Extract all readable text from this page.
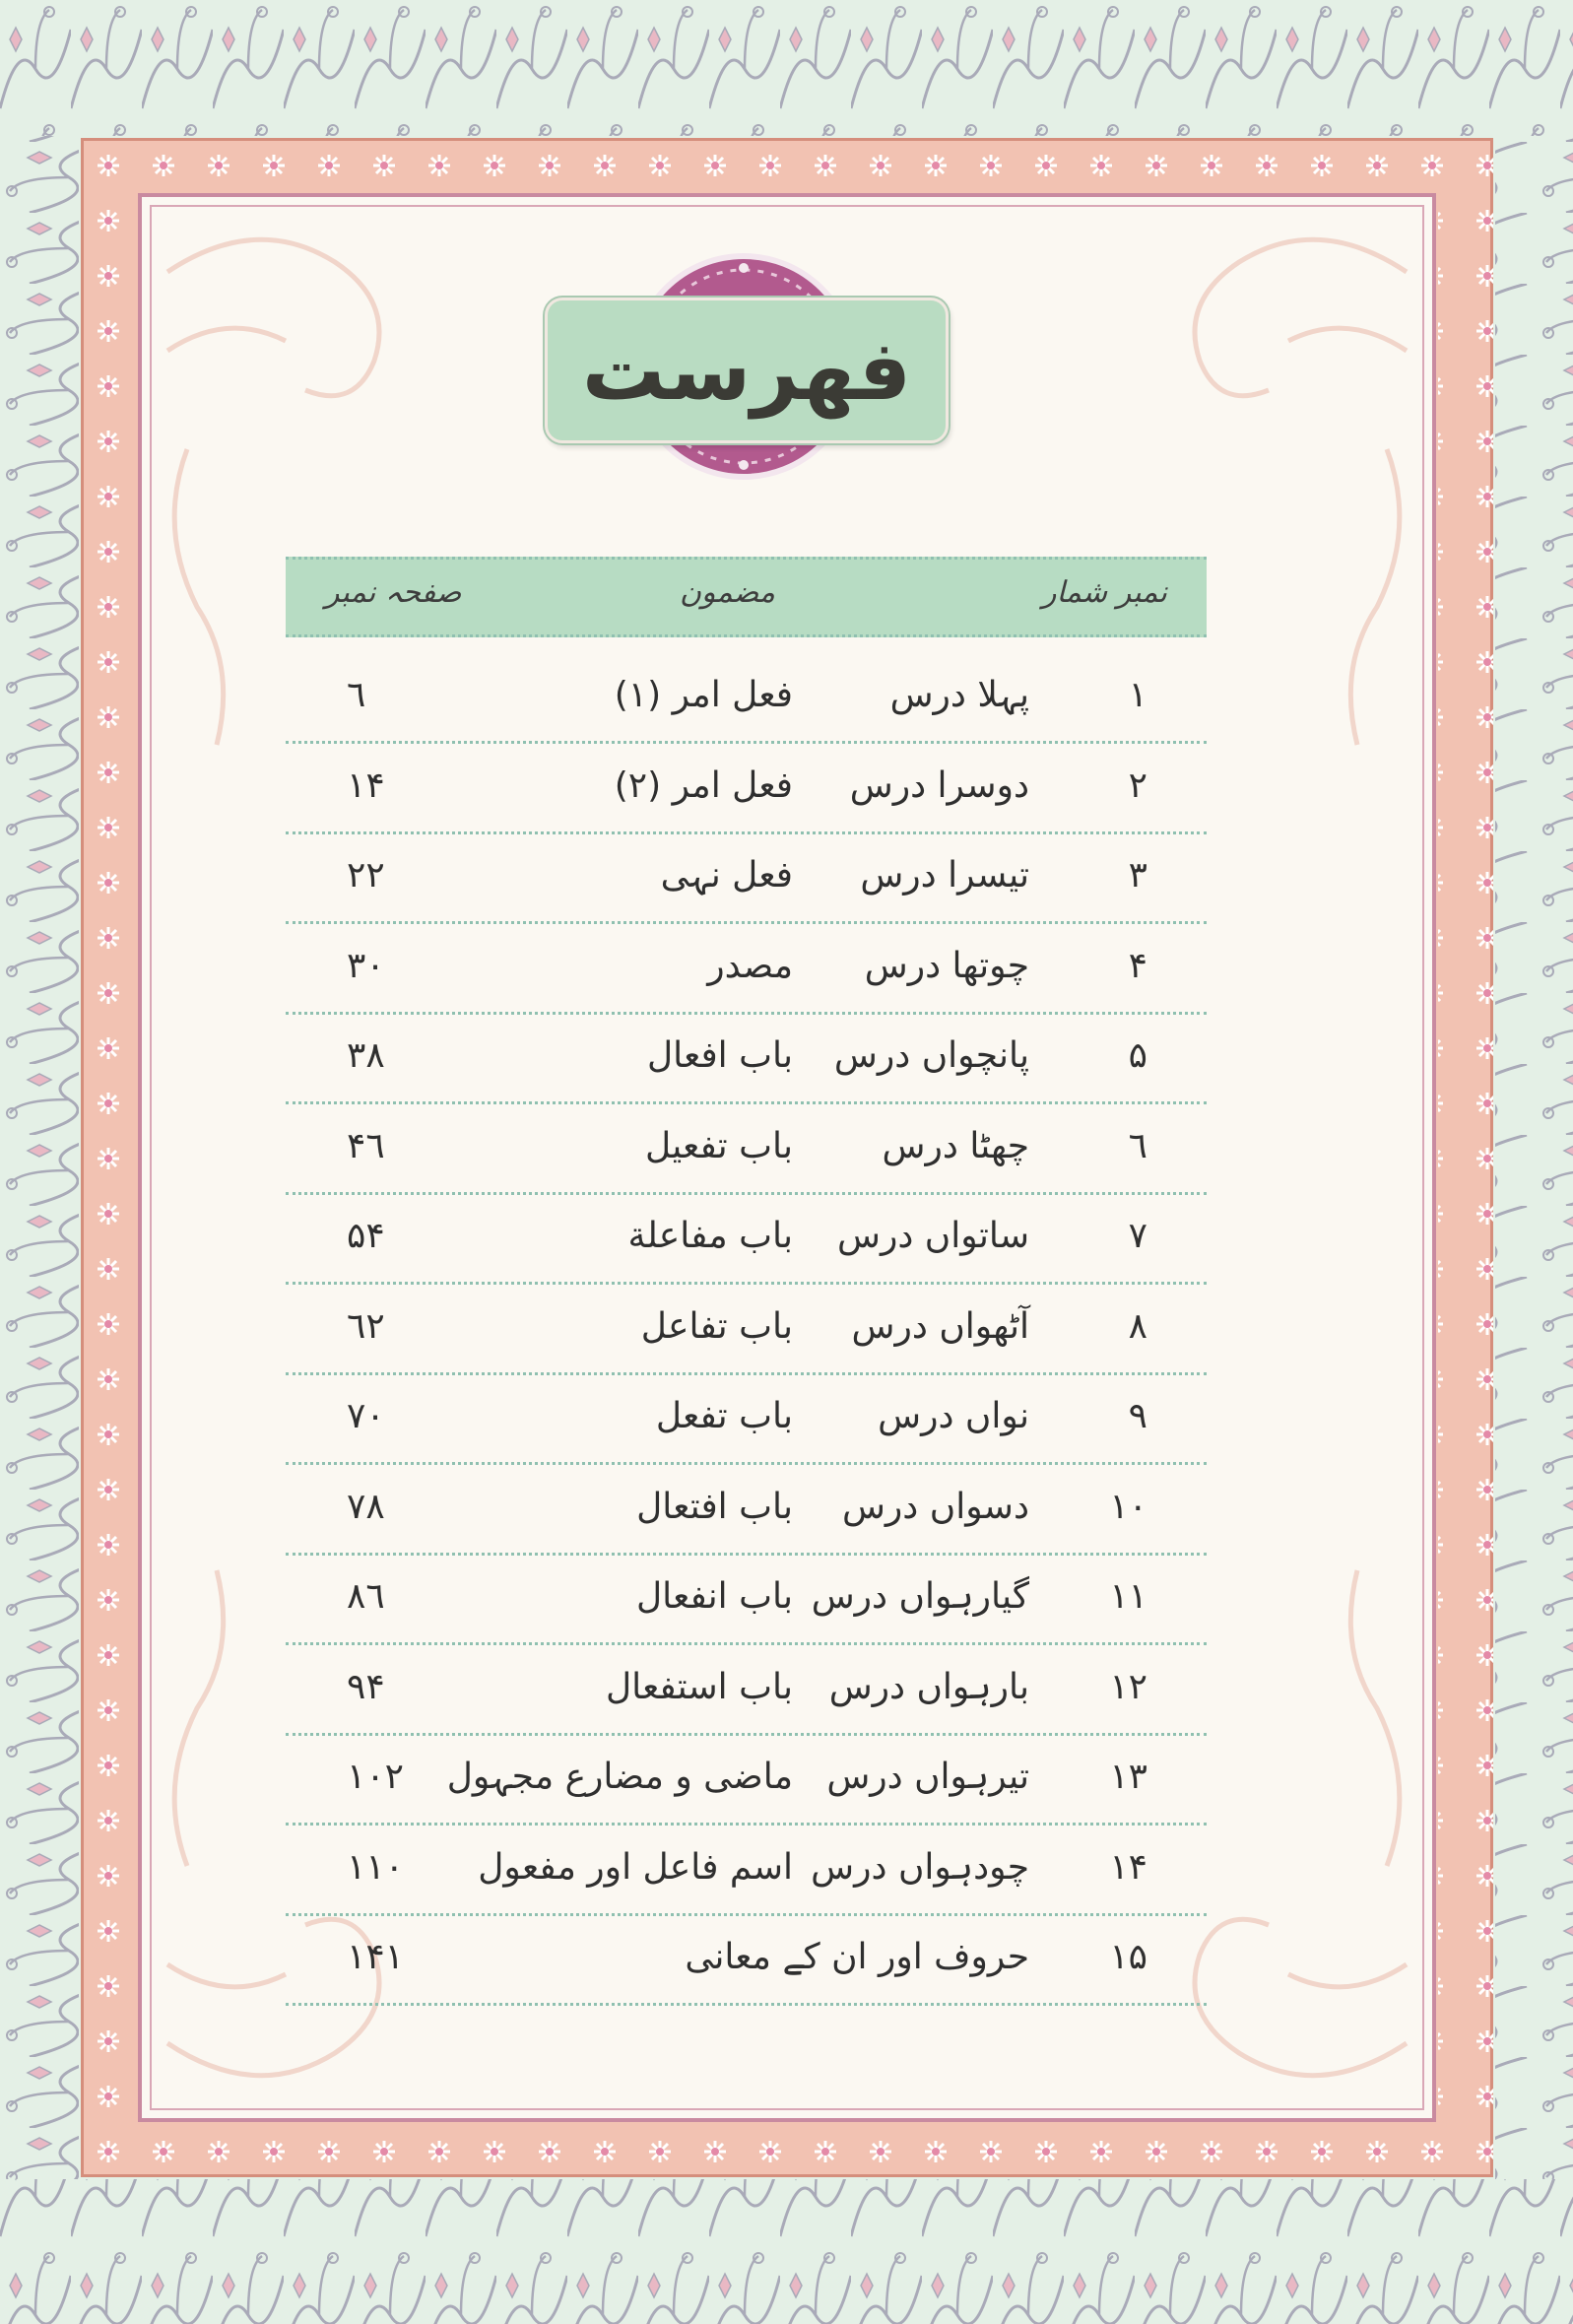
فهرست
نمبر شمار
مضمون
صفحہ نمبر
١
پہلا درس
فعل امر (١)
٦
٢
دوسرا درس
فعل امر (٢)
١۴
٣
تیسرا درس
فعل نہی
٢٢
۴
چوتھا درس
مصدر
٣٠
۵
پانچواں درس
باب افعال
٣٨
٦
چھٹا درس
باب تفعیل
۴٦
٧
ساتواں درس
باب مفاعلة
۵۴
٨
آٹھواں درس
باب تفاعل
٦٢
٩
نواں درس
باب تفعل
٧٠
١٠
دسواں درس
باب افتعال
٧٨
١١
گیارہواں درس
باب انفعال
٨٦
١٢
بارہواں درس
باب استفعال
٩۴
١٣
تیرہواں درس
ماضی و مضارع مجہول
١٠٢
١۴
چودہواں درس
اسم فاعل اور مفعول
١١٠
١۵
حروف اور ان کے معانی
١۴١
